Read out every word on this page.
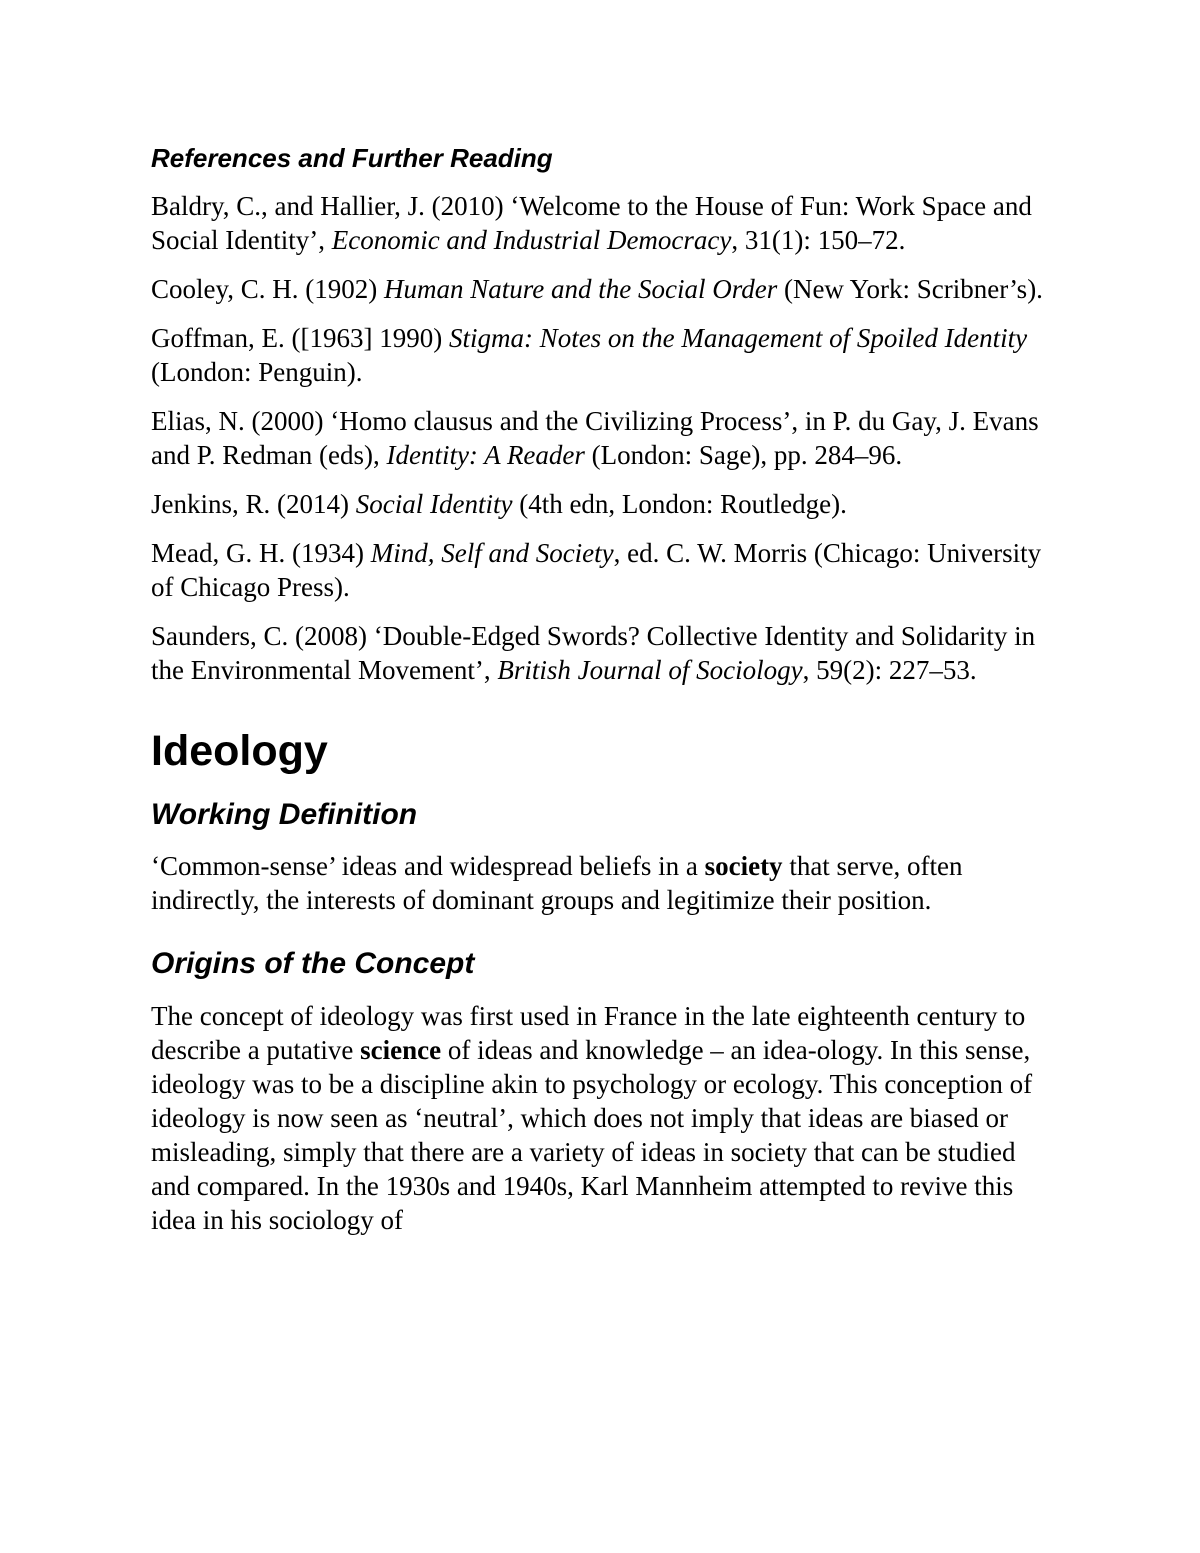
References and Further Reading
Baldry, C., and Hallier, J. (2010) ‘Welcome to the House of Fun: Work Space and Social Identity’, Economic and Industrial Democracy, 31(1): 150–72.
Cooley, C. H. (1902) Human Nature and the Social Order (New York: Scribner’s).
Goffman, E. ([1963] 1990) Stigma: Notes on the Management of Spoiled Identity (London: Penguin).
Elias, N. (2000) ‘Homo clausus and the Civilizing Process’, in P. du Gay, J. Evans and P. Redman (eds), Identity: A Reader (London: Sage), pp. 284–96.
Jenkins, R. (2014) Social Identity (4th edn, London: Routledge).
Mead, G. H. (1934) Mind, Self and Society, ed. C. W. Morris (Chicago: University of Chicago Press).
Saunders, C. (2008) ‘Double-Edged Swords? Collective Identity and Solidarity in the Environmental Movement’, British Journal of Sociology, 59(2): 227–53.
Ideology
Working Definition

‘Common-sense’ ideas and widespread beliefs in a society that serve, often indirectly, the interests of dominant groups and legitimize their position.

Origins of the Concept

The concept of ideology was first used in France in the late eighteenth century to describe a putative science of ideas and knowledge – an idea-ology. In this sense, ideology was to be a discipline akin to psychology or ecology. This conception of ideology is now seen as ‘neutral’, which does not imply that ideas are biased or misleading, simply that there are a variety of ideas in society that can be studied and compared. In the 1930s and 1940s, Karl Mannheim attempted to revive this idea in his sociology of
